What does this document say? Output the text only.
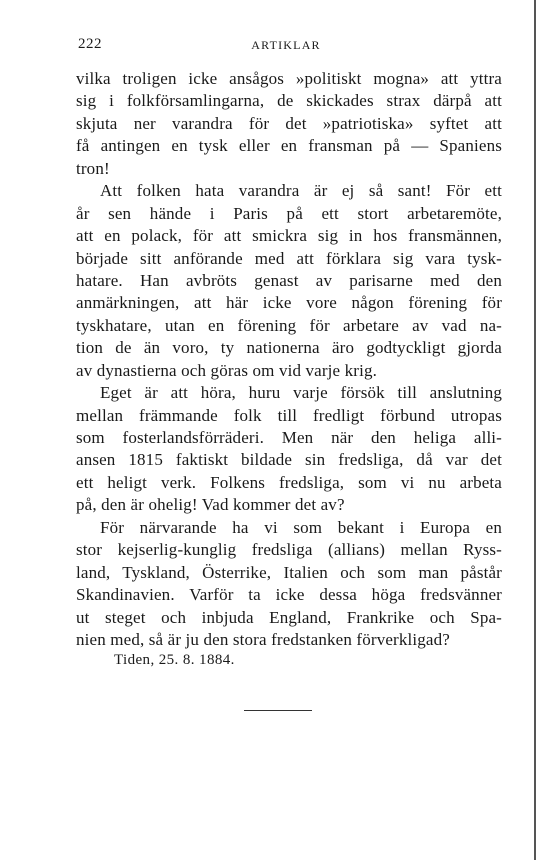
222	ARTIKLAR
vilka troligen icke ansågos »politiskt mogna» att yttra
sig i folkförsamlingarna, de skickades strax därpå att
skjuta ner varandra för det »patriotiska» syftet att
få antingen en tysk eller en fransman på — Spaniens
tron!
Att folken hata varandra är ej så sant! För ett
år sen hände i Paris på ett stort arbetaremöte,
att en polack, för att smickra sig in hos fransmännen,
började sitt anförande med att förklara sig vara tysk-
hatare. Han avbröts genast av parisarne med den
anmärkningen, att här icke vore någon förening för
tyskhatare, utan en förening för arbetare av vad na-
tion de än voro, ty nationerna äro godtyckligt gjorda
av dynastierna och göras om vid varje krig.
Eget är att höra, huru varje försök till anslutning
mellan främmande folk till fredligt förbund utropas
som fosterlandsförräderi. Men när den heliga alli-
ansen 1815 faktiskt bildade sin fredsliga, då var det
ett heligt verk. Folkens fredsliga, som vi nu arbeta
på, den är ohelig! Vad kommer det av?
För närvarande ha vi som bekant i Europa en
stor kejserlig-kunglig fredsliga (allians) mellan Ryss-
land, Tyskland, Österrike, Italien och som man påstår
Skandinavien. Varför ta icke dessa höga fredsvänner
ut steget och inbjuda England, Frankrike och Spa-
nien med, så är ju den stora fredstanken förverkligad?
Tiden, 25. 8. 1884.
